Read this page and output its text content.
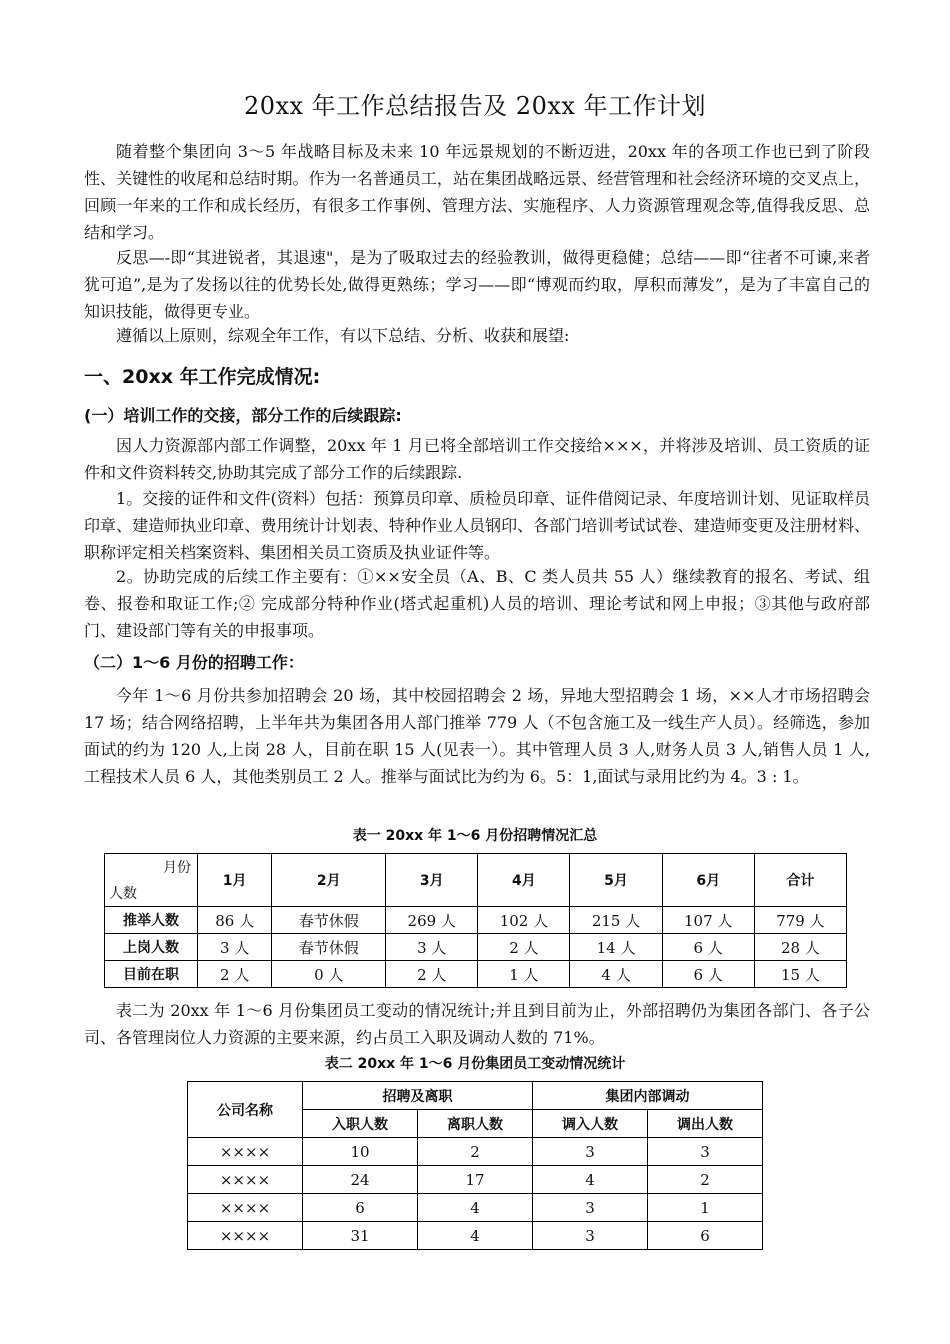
20xx 年工作总结报告及 20xx 年工作计划
随着整个集团向 3～5 年战略目标及未来 10 年远景规划的不断迈进，20xx 年的各项工作也已到了阶段性、关键性的收尾和总结时期。作为一名普通员工，站在集团战略远景、经营管理和社会经济环境的交叉点上，回顾一年来的工作和成长经历，有很多工作事例、管理方法、实施程序、人力资源管理观念等,值得我反思、总结和学习。
反思—-即“其进锐者，其退速"，是为了吸取过去的经验教训，做得更稳健；总结——即“往者不可谏,来者犹可追”,是为了发扬以往的优势长处,做得更熟练；学习——即“博观而约取，厚积而薄发”，是为了丰富自己的知识技能，做得更专业。
遵循以上原则，综观全年工作，有以下总结、分析、收获和展望:
一、20xx 年工作完成情况:
(一）培训工作的交接，部分工作的后续跟踪:
因人力资源部内部工作调整，20xx 年 1 月已将全部培训工作交接给×××，并将涉及培训、员工资质的证件和文件资料转交,协助其完成了部分工作的后续跟踪.
1。交接的证件和文件(资料）包括：预算员印章、质检员印章、证件借阅记录、年度培训计划、见证取样员印章、建造师执业印章、费用统计计划表、特种作业人员钢印、各部门培训考试试卷、建造师变更及注册材料、职称评定相关档案资料、集团相关员工资质及执业证件等。
2。协助完成的后续工作主要有：①××安全员（A、B、C 类人员共 55 人）继续教育的报名、考试、组卷、报卷和取证工作;② 完成部分特种作业(塔式起重机)人员的培训、理论考试和网上申报；③其他与政府部门、建设部门等有关的申报事项。
（二）1～6 月份的招聘工作：
今年 1～6 月份共参加招聘会 20 场，其中校园招聘会 2 场，异地大型招聘会 1 场，××人才市场招聘会 17 场；结合网络招聘，上半年共为集团各用人部门推举 779 人（不包含施工及一线生产人员）。经筛选，参加面试的约为 120 人,上岗 28 人，目前在职 15 人(见表一）。其中管理人员 3 人,财务人员 3 人,销售人员 1 人,工程技术人员 6 人，其他类别员工 2 人。推举与面试比为约为 6。5：1,面试与录用比约为 4。3 : 1。
表一 20xx 年 1～6 月份招聘情况汇总
月份
人数	1月	2月	3月	4月	5月	6月	合计
推举人数	86 人	春节休假	269 人	102 人	215 人	107 人	779 人
上岗人数	3 人	春节休假	3 人	2 人	14 人	6 人	28 人
目前在职	2 人	0 人	2 人	1 人	4 人	6 人	15 人
表二为 20xx 年 1～6 月份集团员工变动的情况统计;并且到目前为止，外部招聘仍为集团各部门、各子公司、各管理岗位人力资源的主要来源，约占员工入职及调动人数的 71%。
表二 20xx 年 1～6 月份集团员工变动情况统计
公司名称	招聘及离职		集团内部调动	
	入职人数	离职人数	调入人数	调出人数
××××	10	2	3	3
××××	24	17	4	2
××××	6	4	3	1
××××	31	4	3	6
